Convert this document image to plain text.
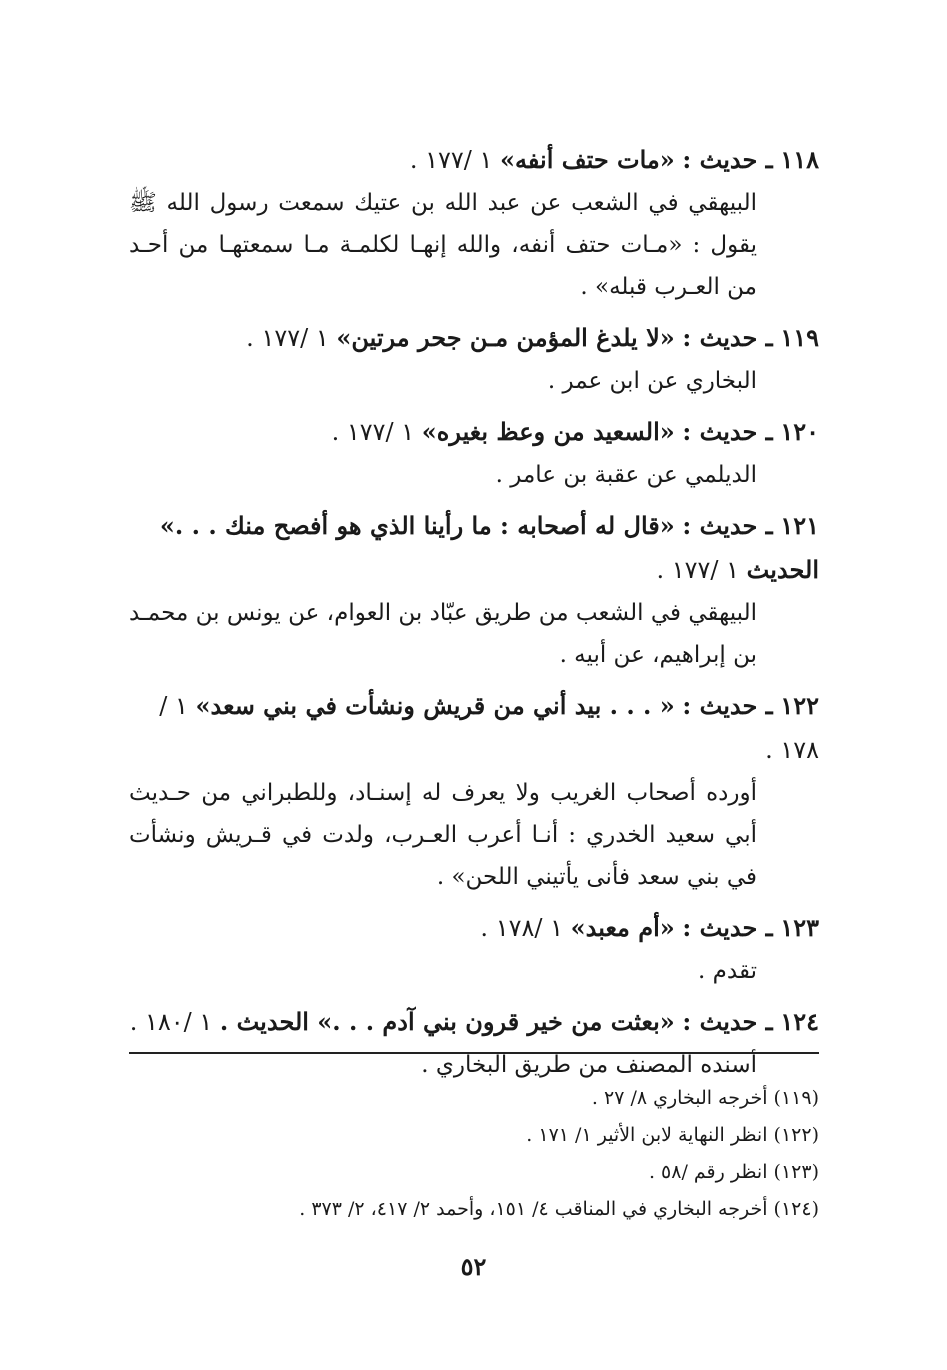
١١٨ ـ حديث : «مات حتف أنفه» ١ /١٧٧ .
البيهقي في الشعب عن عبد الله بن عتيك سمعت رسول الله ﷺ يقول : «مـات حتف أنفه، والله إنهـا لكلمـة مـا سمعتهـا من أحـد من العـرب قبله» .
١١٩ ـ حديث : «لا يلدغ المؤمن مـن جحر مرتين» ١ /١٧٧ .
البخاري عن ابن عمر .
١٢٠ ـ حديث : «السعيد من وعظ بغيره» ١ /١٧٧ .
الديلمي عن عقبة بن عامر .
١٢١ ـ حديث : «قال له أصحابه : ما رأينا الذي هو أفصح منك . . .» الحديث ١ /١٧٧ .
البيهقي في الشعب من طريق عبّاد بن العوام، عن يونس بن محمـد بن إبراهيم، عن أبيه .
١٢٢ ـ حديث : « . . . بيد أني من قريش ونشأت في بني سعد» ١ /١٧٨ .
أورده أصحاب الغريب ولا يعرف له إسنـاد، وللطبراني من حـديث أبي سعيد الخدري : أنـا أعرب العـرب، ولدت في قـريش ونشأت في بني سعد فأنى يأتيني اللحن» .
١٢٣ ـ حديث : «أم معبد» ١ /١٧٨ .
تقدم .
١٢٤ ـ حديث : «بعثت من خير قرون بني آدم . . .» الحديث . ١ /١٨٠ .
أسنده المصنف من طريق البخاري .
(١١٩) أخرجه البخاري ٨/ ٢٧ .
(١٢٢) انظر النهاية لابن الأثير ١/ ١٧١ .
(١٢٣) انظر رقم /٥٨ .
(١٢٤) أخرجه البخاري في المناقب ٤/ ١٥١، وأحمد ٢/ ٤١٧، ٢/ ٣٧٣ .
٥٢
